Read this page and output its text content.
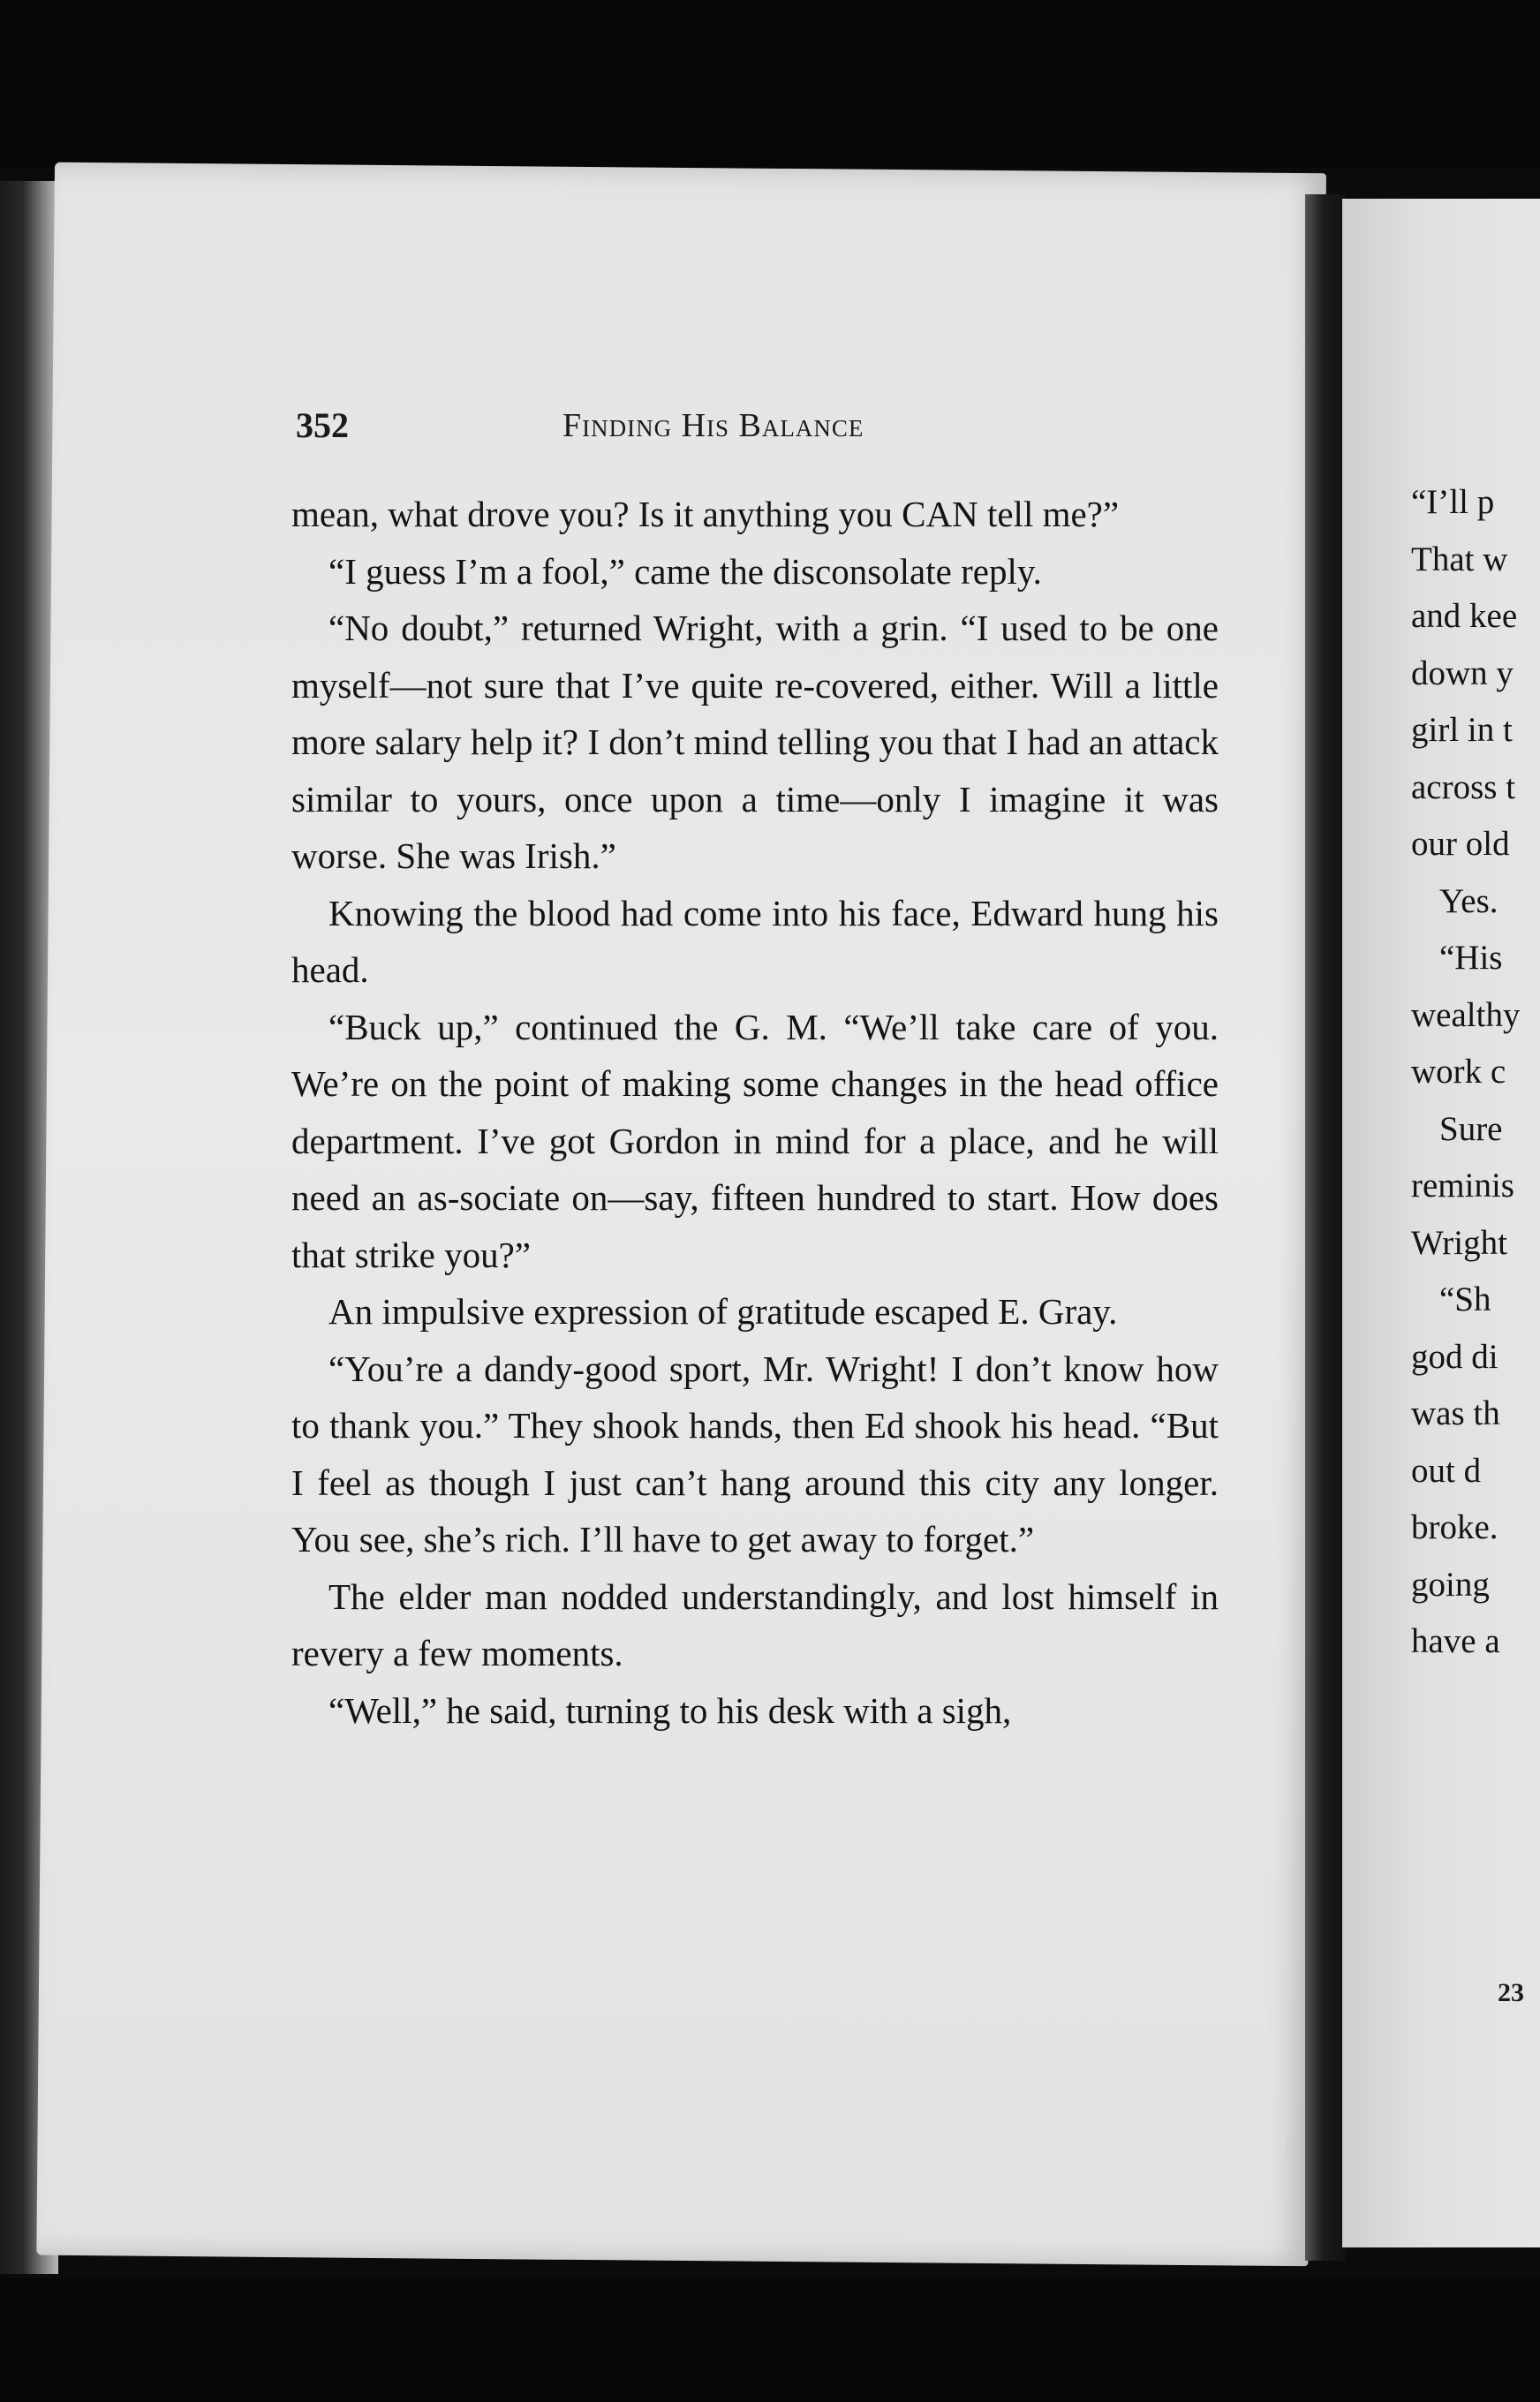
352	Finding His Balance

mean, what drove you? Is it anything you CAN tell me?”

“I guess I’m a fool,” came the disconsolate reply.

“No doubt,” returned Wright, with a grin. “I used to be one myself—not sure that I’ve quite re-covered, either. Will a little more salary help it? I don’t mind telling you that I had an attack similar to yours, once upon a time—only I imagine it was worse. She was Irish.”

Knowing the blood had come into his face, Edward hung his head.

“Buck up,” continued the G. M. “We’ll take care of you. We’re on the point of making some changes in the head office department. I’ve got Gordon in mind for a place, and he will need an as-sociate on—say, fifteen hundred to start. How does that strike you?”

An impulsive expression of gratitude escaped E. Gray.

“You’re a dandy-good sport, Mr. Wright! I don’t know how to thank you.” They shook hands, then Ed shook his head. “But I feel as though I just can’t hang around this city any longer. You see, she’s rich. I’ll have to get away to forget.”

The elder man nodded understandingly, and lost himself in revery a few moments.

“Well,” he said, turning to his desk with a sigh,

“I’ll p
That w
and kee
down y
girl in t
across t
our old
Yes.
“His
wealthy
work c
Sure
reminis
Wright
“Sh
god di
was th
out d
broke.
going
have a
23
